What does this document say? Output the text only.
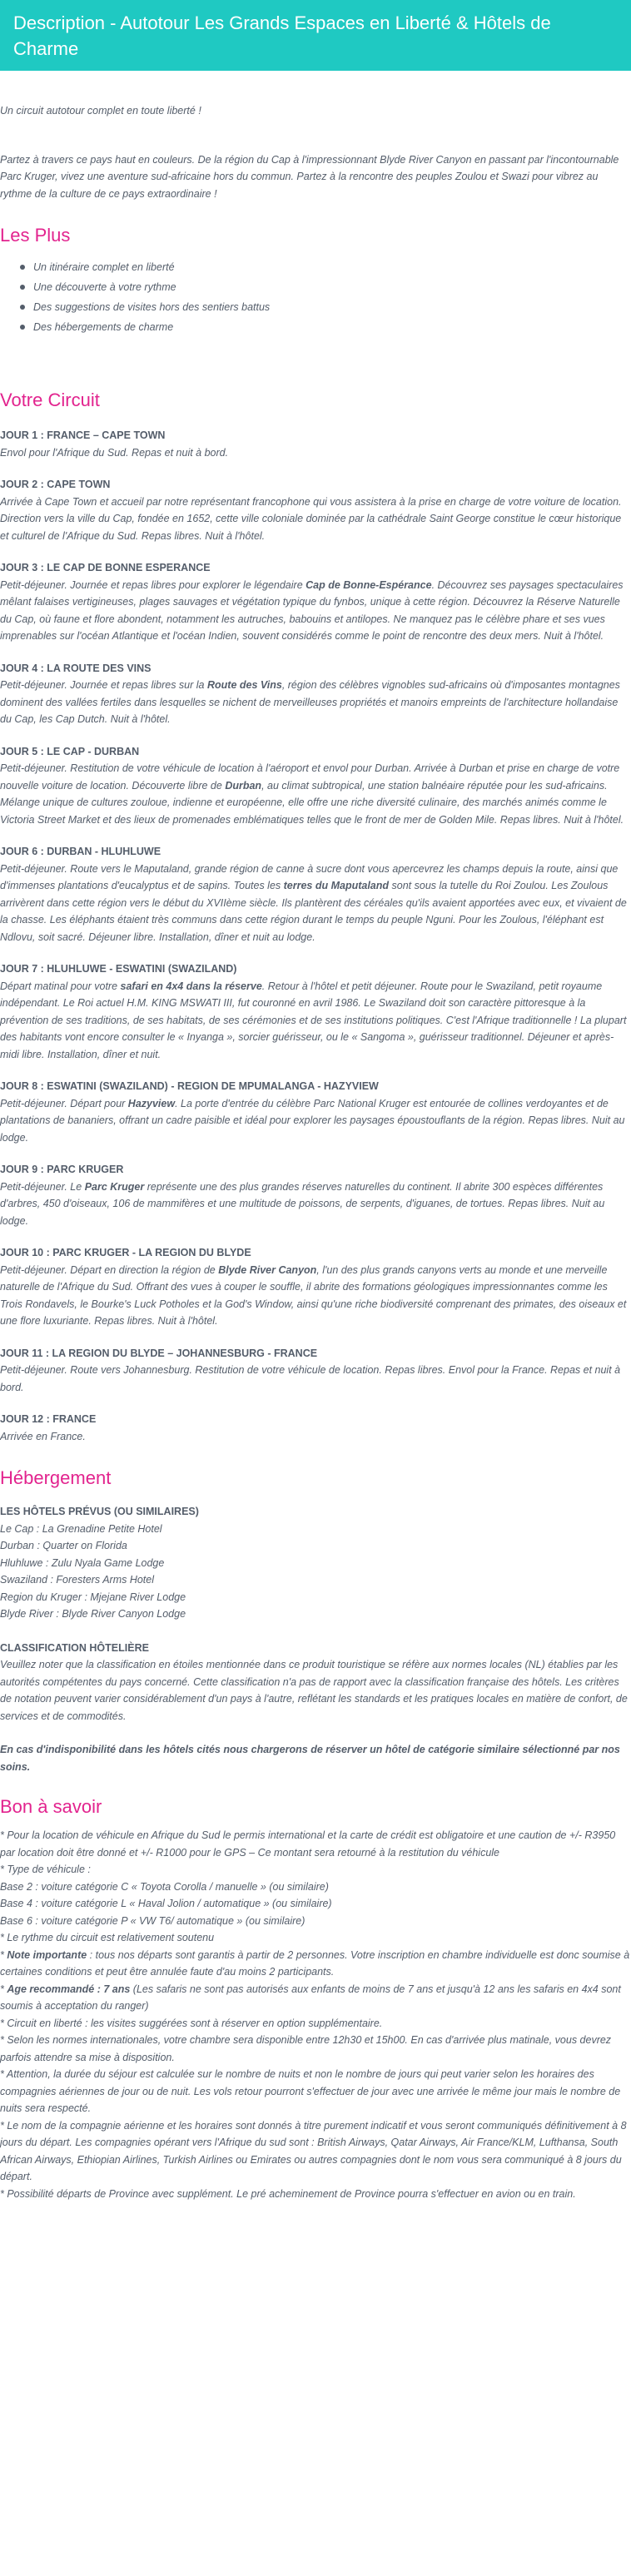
Description - Autotour Les Grands Espaces en Liberté & Hôtels de Charme

Un circuit autotour complet en toute liberté !

Partez à travers ce pays haut en couleurs. De la région du Cap à l'impressionnant Blyde River Canyon en passant par l'incontournable Parc Kruger, vivez une aventure sud-africaine hors du commun. Partez à la rencontre des peuples Zoulou et Swazi pour vibrez au rythme de la culture de ce pays extraordinaire !

Les Plus
Un itinéraire complet en liberté
Une découverte à votre rythme
Des suggestions de visites hors des sentiers battus
Des hébergements de charme
Votre Circuit

JOUR 1 : FRANCE – CAPE TOWN

Envol pour l'Afrique du Sud. Repas et nuit à bord.

JOUR 2 : CAPE TOWN

Arrivée à Cape Town et accueil par notre représentant francophone qui vous assistera à la prise en charge de votre voiture de location. Direction vers la ville du Cap, fondée en 1652, cette ville coloniale dominée par la cathédrale Saint George constitue le cœur historique et culturel de l'Afrique du Sud. Repas libres. Nuit à l'hôtel.

JOUR 3 : LE CAP DE BONNE ESPERANCE

Petit-déjeuner. Journée et repas libres pour explorer le légendaire Cap de Bonne-Espérance. Découvrez ses paysages spectaculaires mêlant falaises vertigineuses, plages sauvages et végétation typique du fynbos, unique à cette région. Découvrez la Réserve Naturelle du Cap, où faune et flore abondent, notamment les autruches, babouins et antilopes. Ne manquez pas le célèbre phare et ses vues imprenables sur l'océan Atlantique et l'océan Indien, souvent considérés comme le point de rencontre des deux mers. Nuit à l'hôtel.

JOUR 4 : LA ROUTE DES VINS

Petit-déjeuner. Journée et repas libres sur la Route des Vins, région des célèbres vignobles sud-africains où d'imposantes montagnes dominent des vallées fertiles dans lesquelles se nichent de merveilleuses propriétés et manoirs empreints de l'architecture hollandaise du Cap, les Cap Dutch. Nuit à l'hôtel.

JOUR 5 : LE CAP - DURBAN

Petit-déjeuner. Restitution de votre véhicule de location à l'aéroport et envol pour Durban. Arrivée à Durban et prise en charge de votre nouvelle voiture de location. Découverte libre de Durban, au climat subtropical, une station balnéaire réputée pour les sud-africains. Mélange unique de cultures zouloue, indienne et européenne, elle offre une riche diversité culinaire, des marchés animés comme le Victoria Street Market et des lieux de promenades emblématiques telles que le front de mer de Golden Mile. Repas libres. Nuit à l'hôtel.

JOUR 6 : DURBAN - HLUHLUWE

Petit-déjeuner. Route vers le Maputaland, grande région de canne à sucre dont vous apercevrez les champs depuis la route, ainsi que d'immenses plantations d'eucalyptus et de sapins. Toutes les terres du Maputaland sont sous la tutelle du Roi Zoulou. Les Zoulous arrivèrent dans cette région vers le début du XVIIème siècle. Ils plantèrent des céréales qu'ils avaient apportées avec eux, et vivaient de la chasse. Les éléphants étaient très communs dans cette région durant le temps du peuple Nguni. Pour les Zoulous, l'éléphant est Ndlovu, soit sacré. Déjeuner libre. Installation, dîner et nuit au lodge.

JOUR 7 : HLUHLUWE - ESWATINI (SWAZILAND)

Départ matinal pour votre safari en 4x4 dans la réserve. Retour à l'hôtel et petit déjeuner. Route pour le Swaziland, petit royaume indépendant. Le Roi actuel H.M. KING MSWATI III, fut couronné en avril 1986. Le Swaziland doit son caractère pittoresque à la prévention de ses traditions, de ses habitats, de ses cérémonies et de ses institutions politiques. C'est l'Afrique traditionnelle ! La plupart des habitants vont encore consulter le « Inyanga », sorcier guérisseur, ou le « Sangoma », guérisseur traditionnel. Déjeuner et après-midi libre. Installation, dîner et nuit.

JOUR 8 : ESWATINI (SWAZILAND) - REGION DE MPUMALANGA - HAZYVIEW

Petit-déjeuner. Départ pour Hazyview. La porte d'entrée du célèbre Parc National Kruger est entourée de collines verdoyantes et de plantations de bananiers, offrant un cadre paisible et idéal pour explorer les paysages époustouflants de la région. Repas libres. Nuit au lodge.

JOUR 9 : PARC KRUGER

Petit-déjeuner. Le Parc Kruger représente une des plus grandes réserves naturelles du continent. Il abrite 300 espèces différentes d'arbres, 450 d'oiseaux, 106 de mammifères et une multitude de poissons, de serpents, d'iguanes, de tortues. Repas libres. Nuit au lodge.

JOUR 10 : PARC KRUGER - LA REGION DU BLYDE

Petit-déjeuner. Départ en direction la région de Blyde River Canyon, l'un des plus grands canyons verts au monde et une merveille naturelle de l'Afrique du Sud. Offrant des vues à couper le souffle, il abrite des formations géologiques impressionnantes comme les Trois Rondavels, le Bourke's Luck Potholes et la God's Window, ainsi qu'une riche biodiversité comprenant des primates, des oiseaux et une flore luxuriante. Repas libres. Nuit à l'hôtel.

JOUR 11 : LA REGION DU BLYDE – JOHANNESBURG - FRANCE

Petit-déjeuner. Route vers Johannesburg. Restitution de votre véhicule de location. Repas libres. Envol pour la France. Repas et nuit à bord.

JOUR 12 : FRANCE

Arrivée en France.

Hébergement

LES HÔTELS PRÉVUS (OU SIMILAIRES)

Le Cap : La Grenadine Petite Hotel

Durban : Quarter on Florida

Hluhluwe : Zulu Nyala Game Lodge

Swaziland : Foresters Arms Hotel

Region du Kruger : Mjejane River Lodge

Blyde River : Blyde River Canyon Lodge

CLASSIFICATION HÔTELIÈRE

Veuillez noter que la classification en étoiles mentionnée dans ce produit touristique se réfère aux normes locales (NL) établies par les autorités compétentes du pays concerné. Cette classification n'a pas de rapport avec la classification française des hôtels. Les critères de notation peuvent varier considérablement d'un pays à l'autre, reflétant les standards et les pratiques locales en matière de confort, de services et de commodités.

En cas d'indisponibilité dans les hôtels cités nous chargerons de réserver un hôtel de catégorie similaire sélectionné par nos soins.

Bon à savoir

* Pour la location de véhicule en Afrique du Sud le permis international et la carte de crédit est obligatoire et une caution de +/- R3950 par location doit être donné et +/- R1000 pour le GPS – Ce montant sera retourné à la restitution du véhicule

* Type de véhicule :

Base 2 : voiture catégorie C « Toyota Corolla / manuelle » (ou similaire)

Base 4 : voiture catégorie L « Haval Jolion / automatique » (ou similaire)

Base 6 : voiture catégorie P « VW T6/ automatique » (ou similaire)

* Le rythme du circuit est relativement soutenu

* Note importante : tous nos départs sont garantis à partir de 2 personnes. Votre inscription en chambre individuelle est donc soumise à certaines conditions et peut être annulée faute d'au moins 2 participants.

* Age recommandé : 7 ans (Les safaris ne sont pas autorisés aux enfants de moins de 7 ans et jusqu'à 12 ans les safaris en 4x4 sont soumis à acceptation du ranger)

* Circuit en liberté : les visites suggérées sont à réserver en option supplémentaire.

* Selon les normes internationales, votre chambre sera disponible entre 12h30 et 15h00. En cas d'arrivée plus matinale, vous devrez parfois attendre sa mise à disposition.

* Attention, la durée du séjour est calculée sur le nombre de nuits et non le nombre de jours qui peut varier selon les horaires des compagnies aériennes de jour ou de nuit. Les vols retour pourront s'effectuer de jour avec une arrivée le même jour mais le nombre de nuits sera respecté.

* Le nom de la compagnie aérienne et les horaires sont donnés à titre purement indicatif et vous seront communiqués définitivement à 8 jours du départ. Les compagnies opérant vers l'Afrique du sud sont : British Airways, Qatar Airways, Air France/KLM, Lufthansa, South African Airways, Ethiopian Airlines, Turkish Airlines ou Emirates ou autres compagnies dont le nom vous sera communiqué à 8 jours du départ.

* Possibilité départs de Province avec supplément. Le pré acheminement de Province pourra s'effectuer en avion ou en train.
